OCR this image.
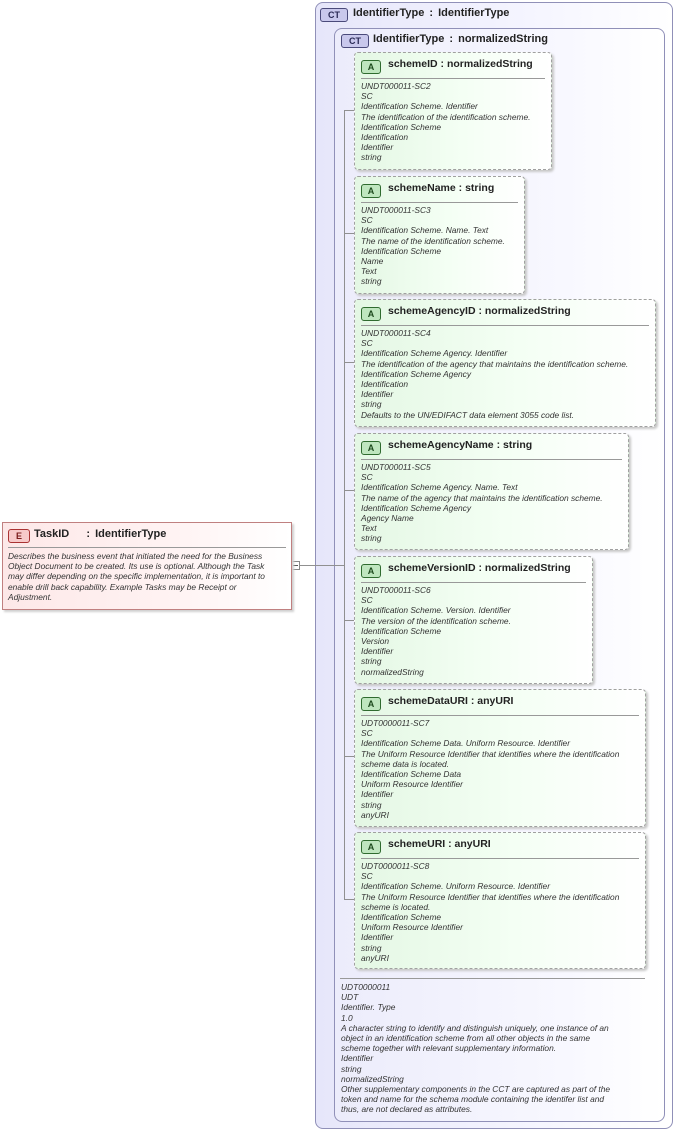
CT	IdentifierType : IdentifierType
CT	IdentifierType : normalizedString
E	TaskID : IdentifierType
Describes the business event that initiated the need for the Business
Object Document to be created. Its use is optional. Although the Task
may differ depending on the specific implementation, it is important to
enable drill back capability. Example Tasks may be Receipt or
Adjustment.
A	schemeID : normalizedString
UNDT000011-SC2
SC
Identification Scheme. Identifier
The identification of the identification scheme.
Identification Scheme
Identification
Identifier
string
A	schemeName : string
UNDT000011-SC3
SC
Identification Scheme. Name. Text
The name of the identification scheme.
Identification Scheme
Name
Text
string
A	schemeAgencyID : normalizedString
UNDT000011-SC4
SC
Identification Scheme Agency. Identifier
The identification of the agency that maintains the identification scheme.
Identification Scheme Agency
Identification
Identifier
string
Defaults to the UN/EDIFACT data element 3055 code list.
A	schemeAgencyName : string
UNDT000011-SC5
SC
Identification Scheme Agency. Name. Text
The name of the agency that maintains the identification scheme.
Identification Scheme Agency
Agency Name
Text
string
A	schemeVersionID : normalizedString
UNDT000011-SC6
SC
Identification Scheme. Version. Identifier
The version of the identification scheme.
Identification Scheme
Version
Identifier
string
normalizedString
A	schemeDataURI : anyURI
UDT0000011-SC7
SC
Identification Scheme Data. Uniform Resource. Identifier
The Uniform Resource Identifier that identifies where the identification
scheme data is located.
Identification Scheme Data
Uniform Resource Identifier
Identifier
string
anyURI
A	schemeURI : anyURI
UDT0000011-SC8
SC
Identification Scheme. Uniform Resource. Identifier
The Uniform Resource Identifier that identifies where the identification
scheme is located.
Identification Scheme
Uniform Resource Identifier
Identifier
string
anyURI
UDT0000011
UDT
Identifier. Type
1.0
A character string to identify and distinguish uniquely, one instance of an
object in an identification scheme from all other objects in the same
scheme together with relevant supplementary information.
Identifier
string
normalizedString
Other supplementary components in the CCT are captured as part of the
token and name for the schema module containing the identifer list and
thus, are not declared as attributes.
